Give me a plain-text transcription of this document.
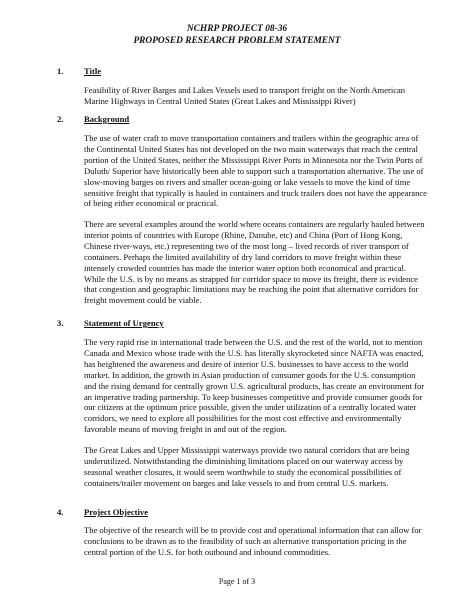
NCHRP PROJECT 08-36
PROPOSED RESEARCH PROBLEM STATEMENT
1. Title

Feasibility of River Barges and Lakes Vessels used to transport freight on the North American
Marine Highways in Central United States (Great Lakes and Mississippi River)

2. Background

The use of water craft to move transportation containers and trailers within the geographic area of
the Continental United States has not developed on the two main waterways that reach the central
portion of the United States, neither the Mississippi River Ports in Minnesota nor the Twin Ports of
Duluth/ Superior have historically been able to support such a transportation alternative. The use of
slow-moving barges on rivers and smaller ocean-going or lake vessels to move the kind of time
sensitive freight that typically is hauled in containers and truck trailers does not have the appearance
of being either economical or practical.

There are several examples around the world where oceans containers are regularly hauled between
interior points of countries with Europe (Rhine, Danube, etc) and China (Port of Hong Kong,
Chinese river-ways, etc.) representing two of the most long – lived records of river transport of
containers. Perhaps the limited availability of dry land corridors to move freight within these
intensely crowded countries has made the interior water option both economical and practical.
While the U.S. is by no means as strapped for corridor space to move its freight, there is evidence
that congestion and geographic limitations may be reaching the point that alternative corridors for
freight movement could be viable.

3. Statement of Urgency

The very rapid rise in international trade between the U.S. and the rest of the world, not to mention
Canada and Mexico whose trade with the U.S. has literally skyrocketed since NAFTA was enacted,
has heightened the awareness and desire of interior U.S. businesses to have access to the world
market. In addition, the growth in Asian production of consumer goods for the U.S. consumption
and the rising demand for centrally grown U.S. agricultural products, has create an environment for
an imperative trading partnership. To keep businesses competitive and provide consumer goods for
our citizens at the optimum price possible, given the under utilization of a centrally located water
corridors, we need to explore all possibilities for the most cost effective and environmentally
favorable means of moving freight in and out of the region.

The Great Lakes and Upper Mississippi waterways provide two natural corridors that are being
underutilized. Notwithstanding the diminishing limitations placed on our waterway access by
seasonal weather closures, it would seem worthwhile to study the economical possibilities of
containers/trailer movement on barges and lake vessels to and from central U.S. markets.

4. Project Objective

The objective of the research will be to provide cost and operational information that can allow for
conclusions to be drawn as to the feasibility of such an alternative transportation pricing in the
central portion of the U.S. for both outbound and inbound commodities.

Page 1 of 3
